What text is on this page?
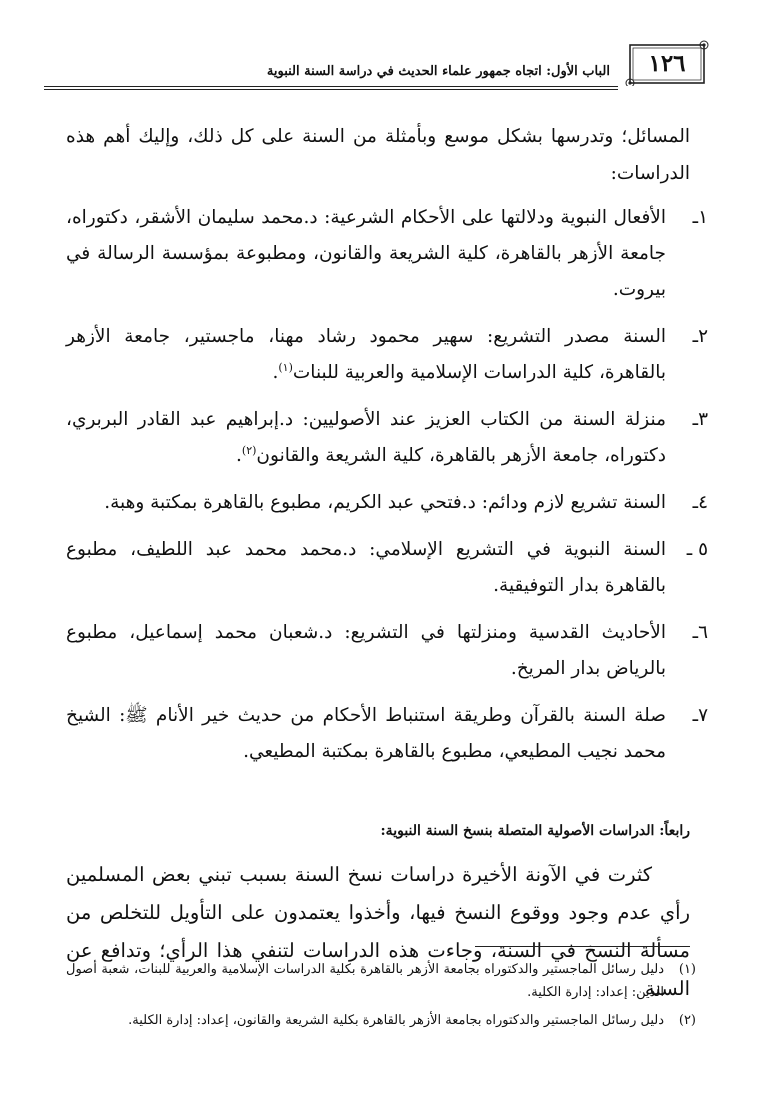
١٢٦
الباب الأول: اتجاه جمهور علماء الحديث في دراسة السنة النبوية

المسائل؛ وتدرسها بشكل موسع وبأمثلة من السنة على كل ذلك، وإليك أهم هذه الدراسات:

١ـ
الأفعال النبوية ودلالتها على الأحكام الشرعية: د.محمد سليمان الأشقر، دكتوراه، جامعة الأزهر بالقاهرة، كلية الشريعة والقانون، ومطبوعة بمؤسسة الرسالة في بيروت.
٢ـ
السنة مصدر التشريع: سهير محمود رشاد مهنا، ماجستير، جامعة الأزهر بالقاهرة، كلية الدراسات الإسلامية والعربية للبنات$^{(١)}$.
٣ـ
منزلة السنة من الكتاب العزيز عند الأصوليين: د.إبراهيم عبد القادر البربري، دكتوراه، جامعة الأزهر بالقاهرة، كلية الشريعة والقانون$^{(٢)}$.
٤ـ
السنة تشريع لازم ودائم: د.فتحي عبد الكريم، مطبوع بالقاهرة بمكتبة وهبة.
٥ ـ
السنة النبوية في التشريع الإسلامي: د.محمد محمد عبد اللطيف، مطبوع بالقاهرة بدار التوفيقية.
٦ـ
الأحاديث القدسية ومنزلتها في التشريع: د.شعبان محمد إسماعيل، مطبوع بالرياض بدار المريخ.
٧ـ
صلة السنة بالقرآن وطريقة استنباط الأحكام من حديث خير الأنام ﷺ: الشيخ محمد نجيب المطيعي، مطبوع بالقاهرة بمكتبة المطيعي.
رابعاً: الدراسات الأصولية المتصلة بنسخ السنة النبوية:

كثرت في الآونة الأخيرة دراسات نسخ السنة بسبب تبني بعض المسلمين رأي عدم وجود ووقوع النسخ فيها، وأخذوا يعتمدون على التأويل للتخلص من مسألة النسخ في السنة، وجاءت هذه الدراسات لتنفي هذا الرأي؛ وتدافع عن السنة

(١)
دليل رسائل الماجستير والدكتوراه بجامعة الأزهر بالقاهرة بكلية الدراسات الإسلامية والعربية للبنات، شعبة أصول الدين: إعداد: إدارة الكلية.
(٢)
دليل رسائل الماجستير والدكتوراه بجامعة الأزهر بالقاهرة بكلية الشريعة والقانون، إعداد: إدارة الكلية.
